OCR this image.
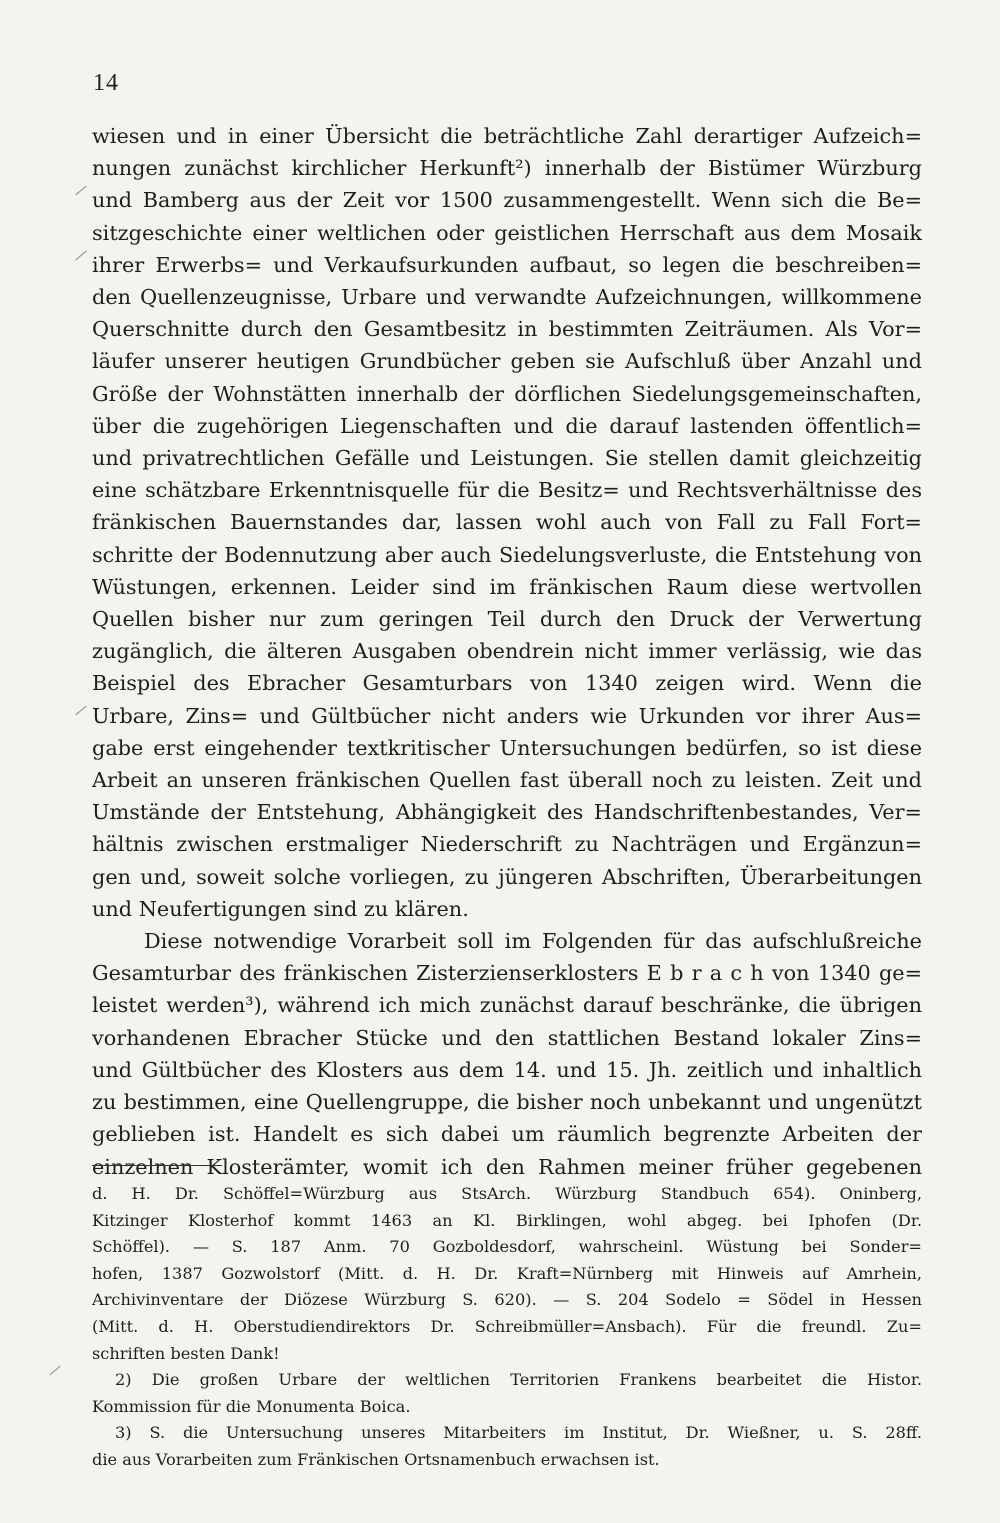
14
wiesen und in einer Übersicht die beträchtliche Zahl derartiger Aufzeich=
nungen zunächst kirchlicher Herkunft²) innerhalb der Bistümer Würzburg
und Bamberg aus der Zeit vor 1500 zusammengestellt. Wenn sich die Be=
sitzgeschichte einer weltlichen oder geistlichen Herrschaft aus dem Mosaik
ihrer Erwerbs= und Verkaufsurkunden aufbaut, so legen die beschreiben=
den Quellenzeugnisse, Urbare und verwandte Aufzeichnungen, willkommene
Querschnitte durch den Gesamtbesitz in bestimmten Zeiträumen. Als Vor=
läufer unserer heutigen Grundbücher geben sie Aufschluß über Anzahl und
Größe der Wohnstätten innerhalb der dörflichen Siedelungsgemeinschaften,
über die zugehörigen Liegenschaften und die darauf lastenden öffentlich=
und privatrechtlichen Gefälle und Leistungen. Sie stellen damit gleichzeitig
eine schätzbare Erkenntnisquelle für die Besitz= und Rechtsverhältnisse des
fränkischen Bauernstandes dar, lassen wohl auch von Fall zu Fall Fort=
schritte der Bodennutzung aber auch Siedelungsverluste, die Entstehung von
Wüstungen, erkennen. Leider sind im fränkischen Raum diese wertvollen
Quellen bisher nur zum geringen Teil durch den Druck der Verwertung
zugänglich, die älteren Ausgaben obendrein nicht immer verlässig, wie das
Beispiel des Ebracher Gesamturbars von 1340 zeigen wird. Wenn die
Urbare, Zins= und Gültbücher nicht anders wie Urkunden vor ihrer Aus=
gabe erst eingehender textkritischer Untersuchungen bedürfen, so ist diese
Arbeit an unseren fränkischen Quellen fast überall noch zu leisten. Zeit und
Umstände der Entstehung, Abhängigkeit des Handschriftenbestandes, Ver=
hältnis zwischen erstmaliger Niederschrift zu Nachträgen und Ergänzun=
gen und, soweit solche vorliegen, zu jüngeren Abschriften, Überarbeitungen
und Neufertigungen sind zu klären.
Diese notwendige Vorarbeit soll im Folgenden für das aufschlußreiche
Gesamturbar des fränkischen Zisterzienserklosters E b r a c h von 1340 ge=
leistet werden³), während ich mich zunächst darauf beschränke, die übrigen
vorhandenen Ebracher Stücke und den stattlichen Bestand lokaler Zins=
und Gültbücher des Klosters aus dem 14. und 15. Jh. zeitlich und inhaltlich
zu bestimmen, eine Quellengruppe, die bisher noch unbekannt und ungenützt
geblieben ist. Handelt es sich dabei um räumlich begrenzte Arbeiten der
einzelnen Klosterämter, womit ich den Rahmen meiner früher gegebenen
d. H. Dr. Schöffel=Würzburg aus StsArch. Würzburg Standbuch 654). Oninberg,
Kitzinger Klosterhof kommt 1463 an Kl. Birklingen, wohl abgeg. bei Iphofen (Dr.
Schöffel). — S. 187 Anm. 70 Gozboldesdorf, wahrscheinl. Wüstung bei Sonder=
hofen, 1387 Gozwolstorf (Mitt. d. H. Dr. Kraft=Nürnberg mit Hinweis auf Amrhein,
Archivinventare der Diözese Würzburg S. 620). — S. 204 Sodelo = Södel in Hessen
(Mitt. d. H. Oberstudiendirektors Dr. Schreibmüller=Ansbach). Für die freundl. Zu=
schriften besten Dank!
2) Die großen Urbare der weltlichen Territorien Frankens bearbeitet die Histor.
Kommission für die Monumenta Boica.
3) S. die Untersuchung unseres Mitarbeiters im Institut, Dr. Wießner, u. S. 28ff.
die aus Vorarbeiten zum Fränkischen Ortsnamenbuch erwachsen ist.
